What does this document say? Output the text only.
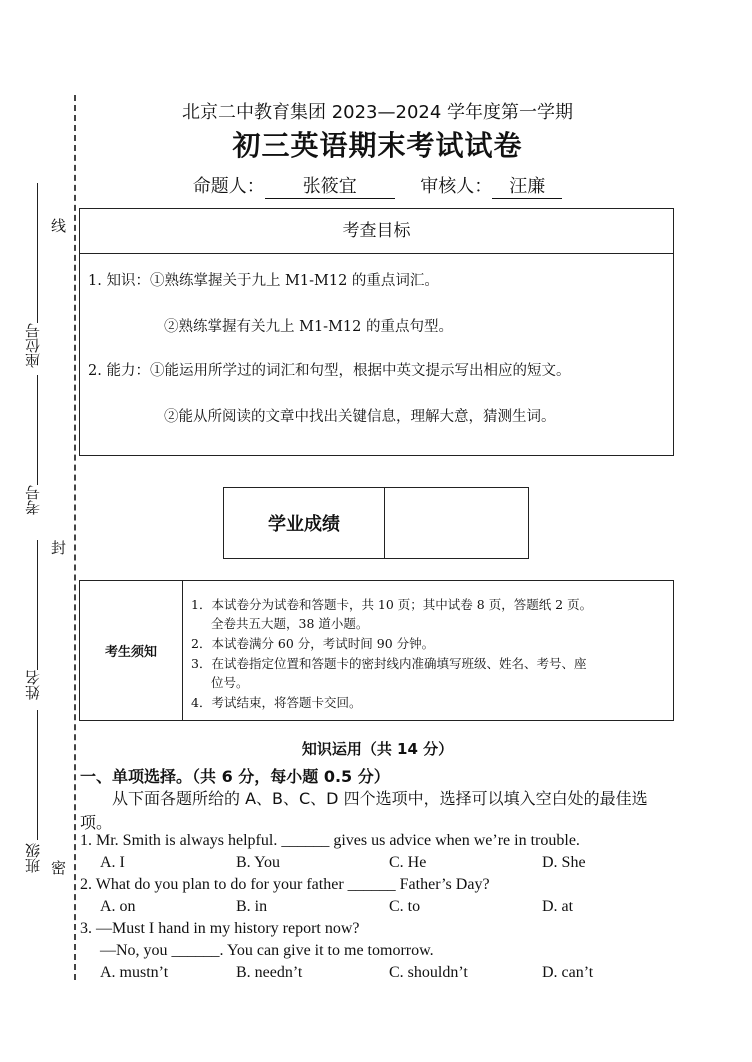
座位号
考号
姓名
班级
线
封
密
北京二中教育集团 2023—2024 学年度第一学期
初三英语期末考试试卷
命题人： 张筱宜	审核人： 汪廉
考查目标
1. 知识：①熟练掌握关于九上 M1-M12 的重点词汇。
②熟练掌握有关九上 M1-M12 的重点句型。
2. 能力：①能运用所学过的词汇和句型，根据中英文提示写出相应的短文。
②能从所阅读的文章中找出关键信息，理解大意，猜测生词。
学业成绩
考生须知
1．本试卷分为试卷和答题卡，共 10 页；其中试卷 8 页，答题纸 2 页。
全卷共五大题，38 道小题。
2．本试卷满分 60 分，考试时间 90 分钟。
3．在试卷指定位置和答题卡的密封线内准确填写班级、姓名、考号、座
位号。
4．考试结束，将答题卡交回。
知识运用（共 14 分）
一、单项选择。（共 6 分，每小题 0.5 分）
从下面各题所给的 A、B、C、D 四个选项中，选择可以填入空白处的最佳选项。
1. Mr. Smith is always helpful. ______ gives us advice when we’re in trouble.
A. I	B. You	C. He	D. She
2. What do you plan to do for your father ______ Father’s Day?
A. on	B. in	C. to	D. at
3. —Must I hand in my history report now?
—No, you ______. You can give it to me tomorrow.
A. mustn’t	B. needn’t	C. shouldn’t	D. can’t
